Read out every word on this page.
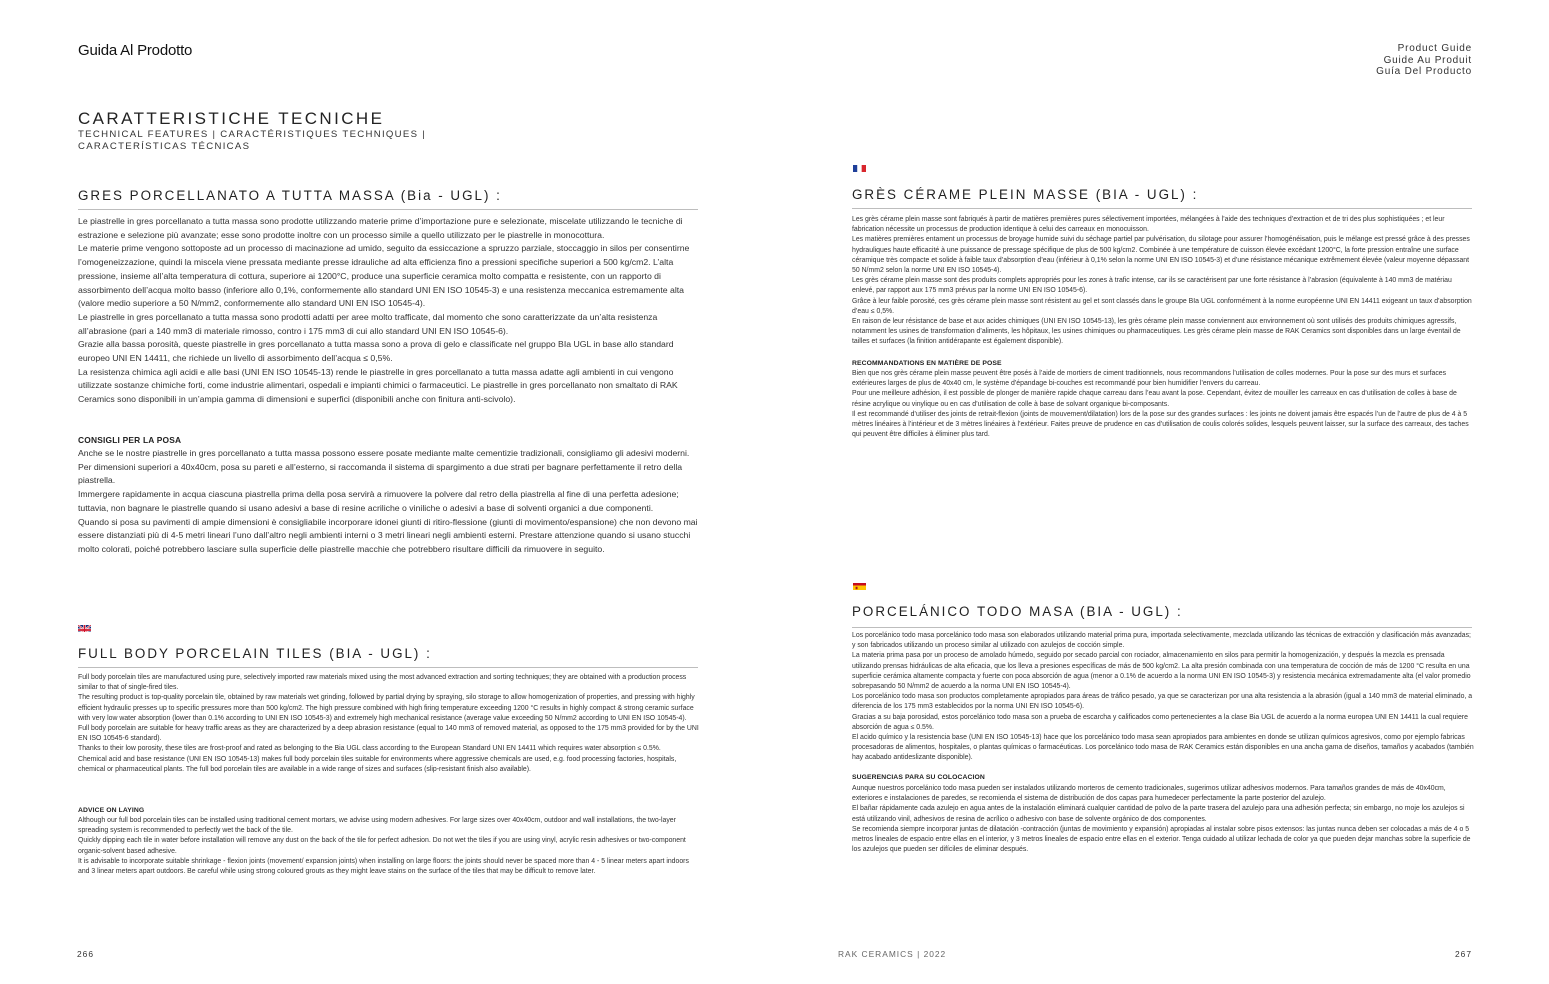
Guida Al Prodotto	Product Guide
Guide Au Produit
Guía Del Producto
CARATTERISTICHE TECNICHE
TECHNICAL FEATURES | CARACTÉRISTIQUES TECHNIQUES |
CARACTERÍSTICAS TÉCNICAS
GRES PORCELLANATO A TUTTA MASSA (Bia - UGL) :

Le piastrelle in gres porcellanato a tutta massa sono prodotte utilizzando materie prime d’importazione pure e selezionate, miscelate utilizzando le tecniche di estrazione e selezione più avanzate; esse sono prodotte inoltre con un processo simile a quello utilizzato per le piastrelle in monocottura.

Le materie prime vengono sottoposte ad un processo di macinazione ad umido, seguito da essiccazione a spruzzo parziale, stoccaggio in silos per consentirne l’omogeneizzazione, quindi la miscela viene pressata mediante presse idrauliche ad alta efficienza fino a pressioni specifiche superiori a 500 kg/cm2. L’alta pressione, insieme all’alta temperatura di cottura, superiore ai 1200°C, produce una superficie ceramica molto compatta e resistente, con un rapporto di assorbimento dell’acqua molto basso (inferiore allo 0,1%, conformemente allo standard UNI EN ISO 10545-3) e una resistenza meccanica estremamente alta (valore medio superiore a 50 N/mm2, conformemente allo standard UNI EN ISO 10545-4).

Le piastrelle in gres porcellanato a tutta massa sono prodotti adatti per aree molto trafficate, dal momento che sono caratterizzate da un’alta resistenza all’abrasione (pari a 140 mm3 di materiale rimosso, contro i 175 mm3 di cui allo standard UNI EN ISO 10545-6).

Grazie alla bassa porosità, queste piastrelle in gres porcellanato a tutta massa sono a prova di gelo e classificate nel gruppo BIa UGL in base allo standard europeo UNI EN 14411, che richiede un livello di assorbimento dell’acqua ≤ 0,5%.

La resistenza chimica agli acidi e alle basi (UNI EN ISO 10545-13) rende le piastrelle in gres porcellanato a tutta massa adatte agli ambienti in cui vengono utilizzate sostanze chimiche forti, come industrie alimentari, ospedali e impianti chimici o farmaceutici. Le piastrelle in gres porcellanato non smaltato di RAK Ceramics sono disponibili in un’ampia gamma di dimensioni e superfici (disponibili anche con finitura anti-scivolo).

CONSIGLI PER LA POSA

Anche se le nostre piastrelle in gres porcellanato a tutta massa possono essere posate mediante malte cementizie tradizionali, consigliamo gli adesivi moderni. Per dimensioni superiori a 40x40cm, posa su pareti e all’esterno, si raccomanda il sistema di spargimento a due strati per bagnare perfettamente il retro della piastrella.

Immergere rapidamente in acqua ciascuna piastrella prima della posa servirà a rimuovere la polvere dal retro della piastrella al fine di una perfetta adesione; tuttavia, non bagnare le piastrelle quando si usano adesivi a base di resine acriliche o viniliche o adesivi a base di solventi organici a due componenti.

Quando si posa su pavimenti di ampie dimensioni è consigliabile incorporare idonei giunti di ritiro-flessione (giunti di movimento/espansione) che non devono mai essere distanziati più di 4-5 metri lineari l’uno dall’altro negli ambienti interni o 3 metri lineari negli ambienti esterni. Prestare attenzione quando si usano stucchi molto colorati, poiché potrebbero lasciare sulla superficie delle piastrelle macchie che potrebbero risultare difficili da rimuovere in seguito.

FULL BODY PORCELAIN TILES (BIA - UGL) :

Full body porcelain tiles are manufactured using pure, selectively imported raw materials mixed using the most advanced extraction and sorting techniques; they are obtained with a production process similar to that of single-fired tiles.

The resulting product is top-quality porcelain tile, obtained by raw materials wet grinding, followed by partial drying by spraying, silo storage to allow homogenization of properties, and pressing with highly efficient hydraulic presses up to specific pressures more than 500 kg/cm2. The high pressure combined with high firing temperature exceeding 1200 °C results in highly compact & strong ceramic surface with very low water absorption (lower than 0.1% according to UNI EN ISO 10545-3) and extremely high mechanical resistance (average value exceeding 50 N/mm2 according to UNI EN ISO 10545-4).

Full body porcelain are suitable for heavy traffic areas as they are characterized by a deep abrasion resistance (equal to 140 mm3 of removed material, as opposed to the 175 mm3 provided for by the UNI EN ISO 10545-6 standard).

Thanks to their low porosity, these tiles are frost-proof and rated as belonging to the Bia UGL class according to the European Standard UNI EN 14411 which requires water absorption ≤ 0.5%.

Chemical acid and base resistance (UNI EN ISO 10545-13) makes full body porcelain tiles suitable for environments where aggressive chemicals are used, e.g. food processing factories, hospitals, chemical or pharmaceutical plants. The full bod porcelain tiles are available in a wide range of sizes and surfaces (slip-resistant finish also available).

ADVICE ON LAYING

Although our full bod porcelain tiles can be installed using traditional cement mortars, we advise using modern adhesives. For large sizes over 40x40cm, outdoor and wall installations, the two-layer spreading system is recommended to perfectly wet the back of the tile.

Quickly dipping each tile in water before installation will remove any dust on the back of the tile for perfect adhesion. Do not wet the tiles if you are using vinyl, acrylic resin adhesives or two-component organic-solvent based adhesive.

It is advisable to incorporate suitable shrinkage - flexion joints (movement/ expansion joints) when installing on large floors: the joints should never be spaced more than 4 - 5 linear meters apart indoors and 3 linear meters apart outdoors. Be careful while using strong coloured grouts as they might leave stains on the surface of the tiles that may be difficult to remove later.

GRÈS CÉRAME PLEIN MASSE (BIA - UGL) :

Les grès cérame plein masse sont fabriqués à partir de matières premières pures sélectivement importées, mélangées à l’aide des techniques d’extraction et de tri des plus sophistiquées ; et leur fabrication nécessite un processus de production identique à celui des carreaux en monocuisson.

Les matières premières entament un processus de broyage humide suivi du séchage partiel par pulvérisation, du silotage pour assurer l’homogénéisation, puis le mélange est pressé grâce à des presses hydrauliques haute efficacité à une puissance de pressage spécifique de plus de 500 kg/cm2. Combinée à une température de cuisson élevée excédant 1200°C, la forte pression entraîne une surface céramique très compacte et solide à faible taux d’absorption d’eau (inférieur à 0,1% selon la norme UNI EN ISO 10545-3) et d’une résistance mécanique extrêmement élevée (valeur moyenne dépassant 50 N/mm2 selon la norme UNI EN ISO 10545-4).

Les grès cérame plein masse sont des produits complets appropriés pour les zones à trafic intense, car ils se caractérisent par une forte résistance à l’abrasion (équivalente à 140 mm3 de matériau enlevé, par rapport aux 175 mm3 prévus par la norme UNI EN ISO 10545-6).

Grâce à leur faible porosité, ces grès cérame plein masse sont résistent au gel et sont classés dans le groupe BIa UGL conformément à la norme européenne UNI EN 14411 exigeant un taux d’absorption d’eau ≤ 0,5%.

En raison de leur résistance de base et aux acides chimiques (UNI EN ISO 10545-13), les grès cérame plein masse conviennent aux environnement où sont utilisés des produits chimiques agressifs, notamment les usines de transformation d’aliments, les hôpitaux, les usines chimiques ou pharmaceutiques. Les grès cérame plein masse de RAK Ceramics sont disponibles dans un large éventail de tailles et surfaces (la finition antidérapante est également disponible).

RECOMMANDATIONS EN MATIÈRE DE POSE

Bien que nos grès cérame plein masse peuvent être posés à l’aide de mortiers de ciment traditionnels, nous recommandons l’utilisation de colles modernes. Pour la pose sur des murs et surfaces extérieures larges de plus de 40x40 cm, le système d’épandage bi-couches est recommandé pour bien humidifier l’envers du carreau.

Pour une meilleure adhésion, il est possible de plonger de manière rapide chaque carreau dans l’eau avant la pose. Cependant, évitez de mouiller les carreaux en cas d’utilisation de colles à base de résine acrylique ou vinylique ou en cas d’utilisation de colle à base de solvant organique bi-composants.

Il est recommandé d’utiliser des joints de retrait-flexion (joints de mouvement/dilatation) lors de la pose sur des grandes surfaces : les joints ne doivent jamais être espacés l’un de l’autre de plus de 4 à 5 mètres linéaires à l’intérieur et de 3 mètres linéaires à l’extérieur. Faites preuve de prudence en cas d’utilisation de coulis colorés solides, lesquels peuvent laisser, sur la surface des carreaux, des taches qui peuvent être difficiles à éliminer plus tard.

PORCELÁNICO TODO MASA (BIA - UGL) :

Los porcelánico todo masa porcelánico todo masa son elaborados utilizando material prima pura, importada selectivamente, mezclada utilizando las técnicas de extracción y clasificación más avanzadas; y son fabricados utilizando un proceso similar al utilizado con azulejos de cocción simple.

La materia prima pasa por un proceso de amolado húmedo, seguido por secado parcial con rociador, almacenamiento en silos para permitir la homogenización, y después la mezcla es prensada utilizando prensas hidráulicas de alta eficacia, que los lleva a presiones específicas de más de 500 kg/cm2. La alta presión combinada con una temperatura de cocción de más de 1200 °C resulta en una superficie cerámica altamente compacta y fuerte con poca absorción de agua (menor a 0.1% de acuerdo a la norma UNI EN ISO 10545-3) y resistencia mecánica extremadamente alta (el valor promedio sobrepasando 50 N/mm2 de acuerdo a la norma UNI EN ISO 10545-4).

Los porcelánico todo masa son productos completamente apropiados para áreas de tráfico pesado, ya que se caracterizan por una alta resistencia a la abrasión (igual a 140 mm3 de material eliminado, a diferencia de los 175 mm3 establecidos por la norma UNI EN ISO 10545-6).

Gracias a su baja porosidad, estos porcelánico todo masa son a prueba de escarcha y calificados como pertenecientes a la clase Bia UGL de acuerdo a la norma europea UNI EN 14411 la cual requiere absorción de agua ≤ 0.5%.

El acido químico y la resistencia base (UNI EN ISO 10545-13) hace que los porcelánico todo masa sean apropiados para ambientes en donde se utilizan químicos agresivos, como por ejemplo fabricas procesadoras de alimentos, hospitales, o plantas químicas o farmacéuticas. Los porcelánico todo masa de RAK Ceramics están disponibles en una ancha gama de diseños, tamaños y acabados (también hay acabado antideslizante disponible).

SUGERENCIAS PARA SU COLOCACION

Aunque nuestros porcelánico todo masa pueden ser instalados utilizando morteros de cemento tradicionales, sugerimos utilizar adhesivos modernos. Para tamaños grandes de más de 40x40cm, exteriores e instalaciones de paredes, se recomienda el sistema de distribución de dos capas para humedecer perfectamente la parte posterior del azulejo.

El bañar rápidamente cada azulejo en agua antes de la instalación eliminará cualquier cantidad de polvo de la parte trasera del azulejo para una adhesión perfecta; sin embargo, no moje los azulejos si está utilizando vinil, adhesivos de resina de acrílico o adhesivo con base de solvente orgánico de dos componentes.

Se recomienda siempre incorporar juntas de dilatación -contracción (juntas de movimiento y expansión) apropiadas al instalar sobre pisos extensos: las juntas nunca deben ser colocadas a más de 4 o 5 metros lineales de espacio entre ellas en el interior, y 3 metros lineales de espacio entre ellas en el exterior. Tenga cuidado al utilizar lechada de color ya que pueden dejar manchas sobre la superficie de los azulejos que pueden ser difíciles de eliminar después.

266	RAK CERAMICS | 2022	267
